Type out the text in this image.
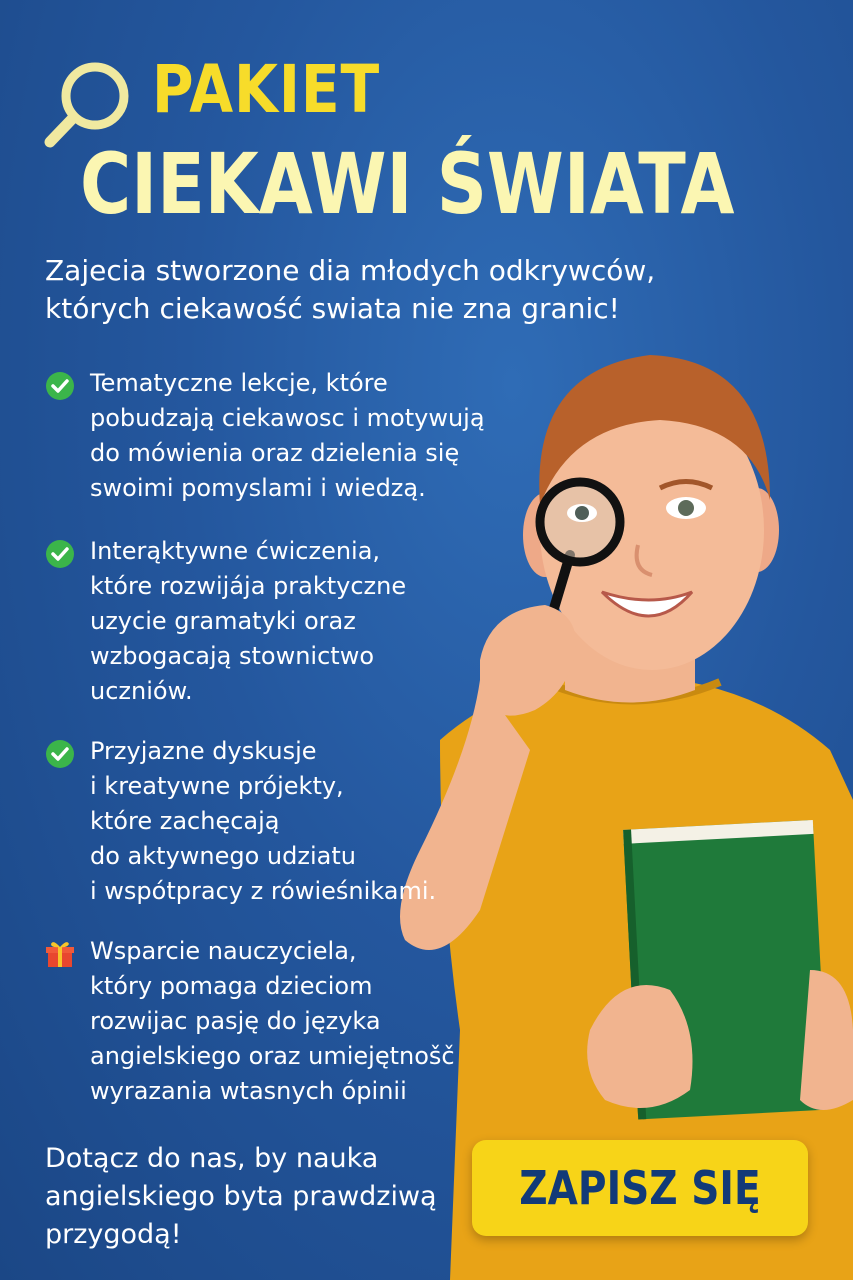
PAKIET
CIEKAWI ŚWIATA
Zajecia stworzone dia młodych odkrywców,
których ciekawość swiata nie zna granic!
Tematyczne lekcje, które
pobudzają ciekawosc i motywują
do mówienia oraz dzielenia się
swoimi pomyslami i wiedzą.
Interąktywne ćwiczenia,
które rozwijája praktyczne
uzycie gramatyki oraz
wzbogacają stownictwo
uczniów.
Przyjazne dyskusje
i kreatywne prójekty,
które zachęcają
do aktywnego udziatu
i wspótpracy z rówieśnikami.
Wsparcie nauczyciela,
który pomaga dzieciom
rozwijac pasję do języka
angielskiego oraz umiejętnošč
wyrazania wtasnych ópinii
Dotącz do nas, by nauka
angielskiego byta prawdziwą
przygodą!
ZAPISZ SIĘ
